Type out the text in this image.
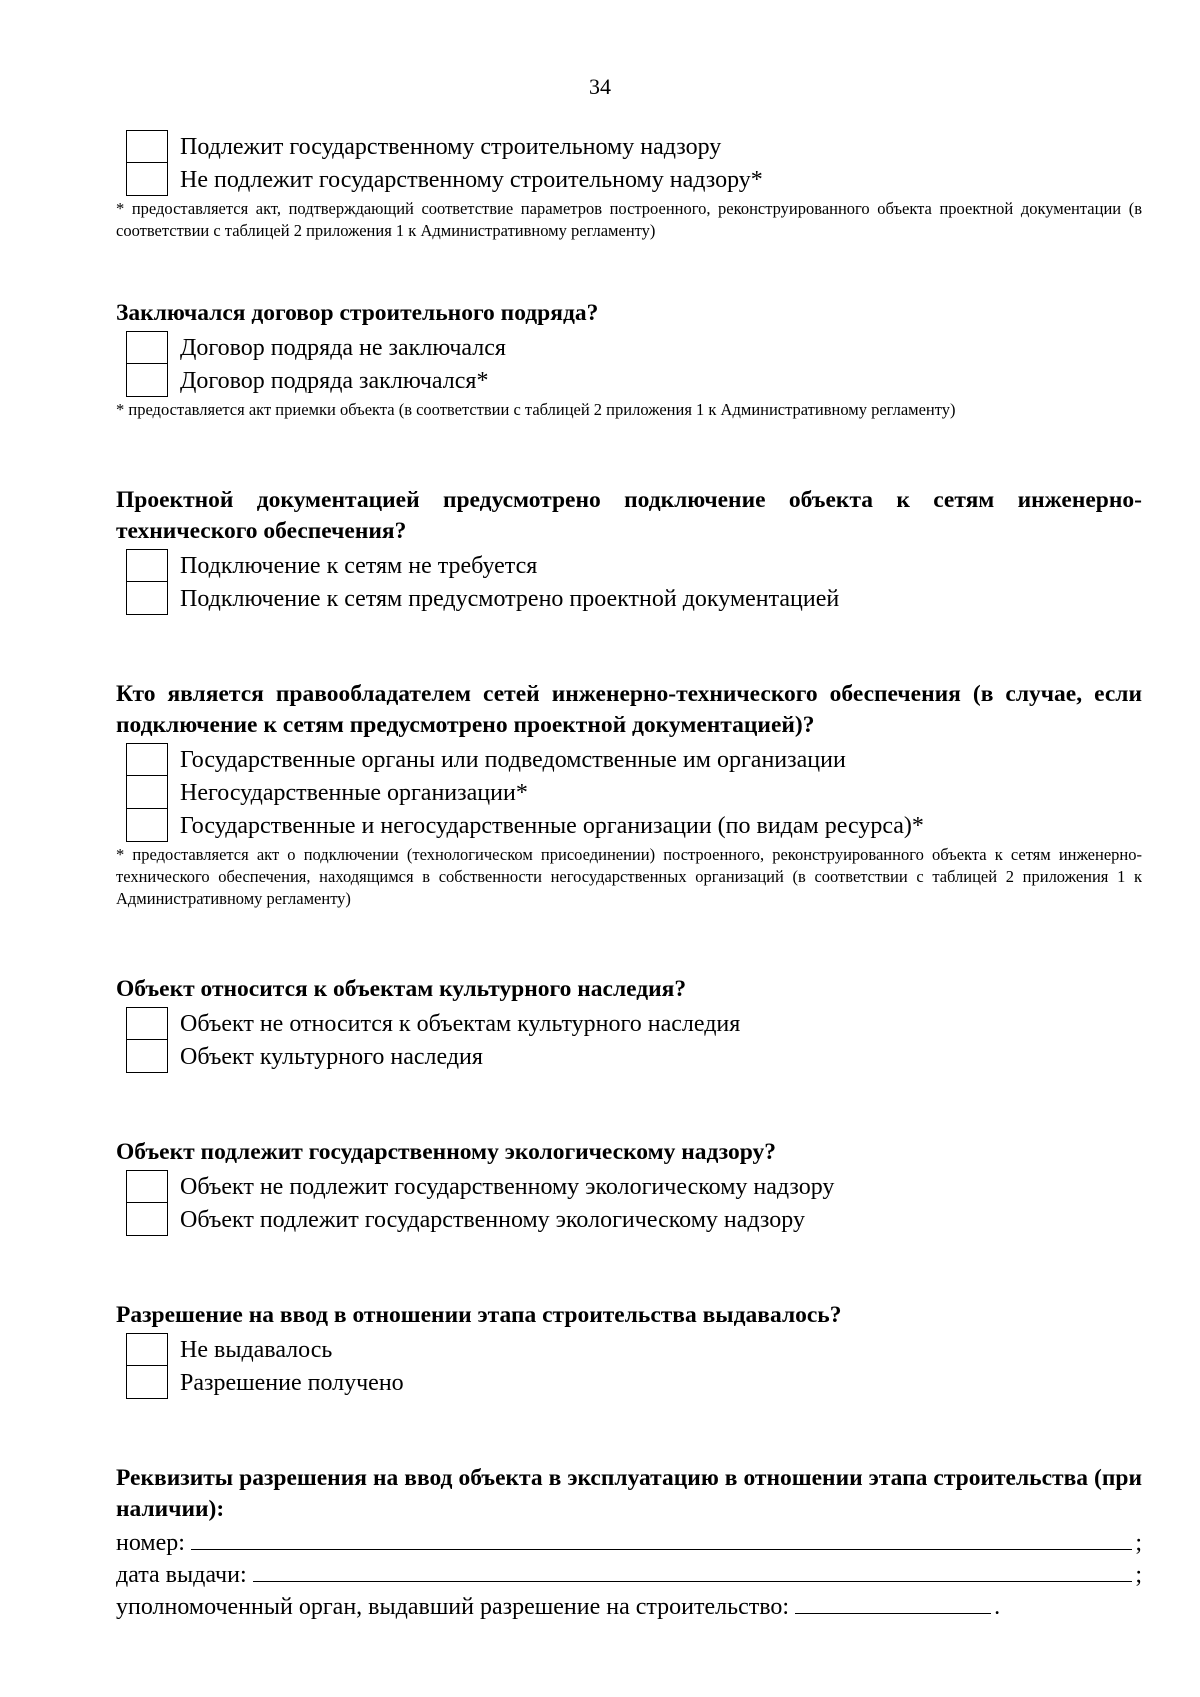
34
Подлежит государственному строительному надзору
Не подлежит государственному строительному надзору*
* предоставляется акт, подтверждающий соответствие параметров построенного, реконструированного объекта проектной документации (в соответствии с таблицей 2 приложения 1 к Административному регламенту)
Заключался договор строительного подряда?
Договор подряда не заключался
Договор подряда заключался*
* предоставляется акт приемки объекта (в соответствии с таблицей 2 приложения 1 к Административному регламенту)
Проектной документацией предусмотрено подключение объекта к сетям инженерно-технического обеспечения?
Подключение к сетям не требуется
Подключение к сетям предусмотрено проектной документацией
Кто является правообладателем сетей инженерно-технического обеспечения (в случае, если подключение к сетям предусмотрено проектной документацией)?
Государственные органы или подведомственные им организации
Негосударственные организации*
Государственные и негосударственные организации (по видам ресурса)*
* предоставляется акт о подключении (технологическом присоединении) построенного, реконструированного объекта к сетям инженерно-технического обеспечения, находящимся в собственности негосударственных организаций (в соответствии с таблицей 2 приложения 1 к Административному регламенту)
Объект относится к объектам культурного наследия?
Объект не относится к объектам культурного наследия
Объект культурного наследия
Объект подлежит государственному экологическому надзору?
Объект не подлежит государственному экологическому надзору
Объект подлежит государственному экологическому надзору
Разрешение на ввод в отношении этапа строительства выдавалось?
Не выдавалось
Разрешение получено
Реквизиты разрешения на ввод объекта в эксплуатацию в отношении этапа строительства (при наличии):
номер:	;
дата выдачи:	;
уполномоченный орган, выдавший разрешение на строительство:	.
